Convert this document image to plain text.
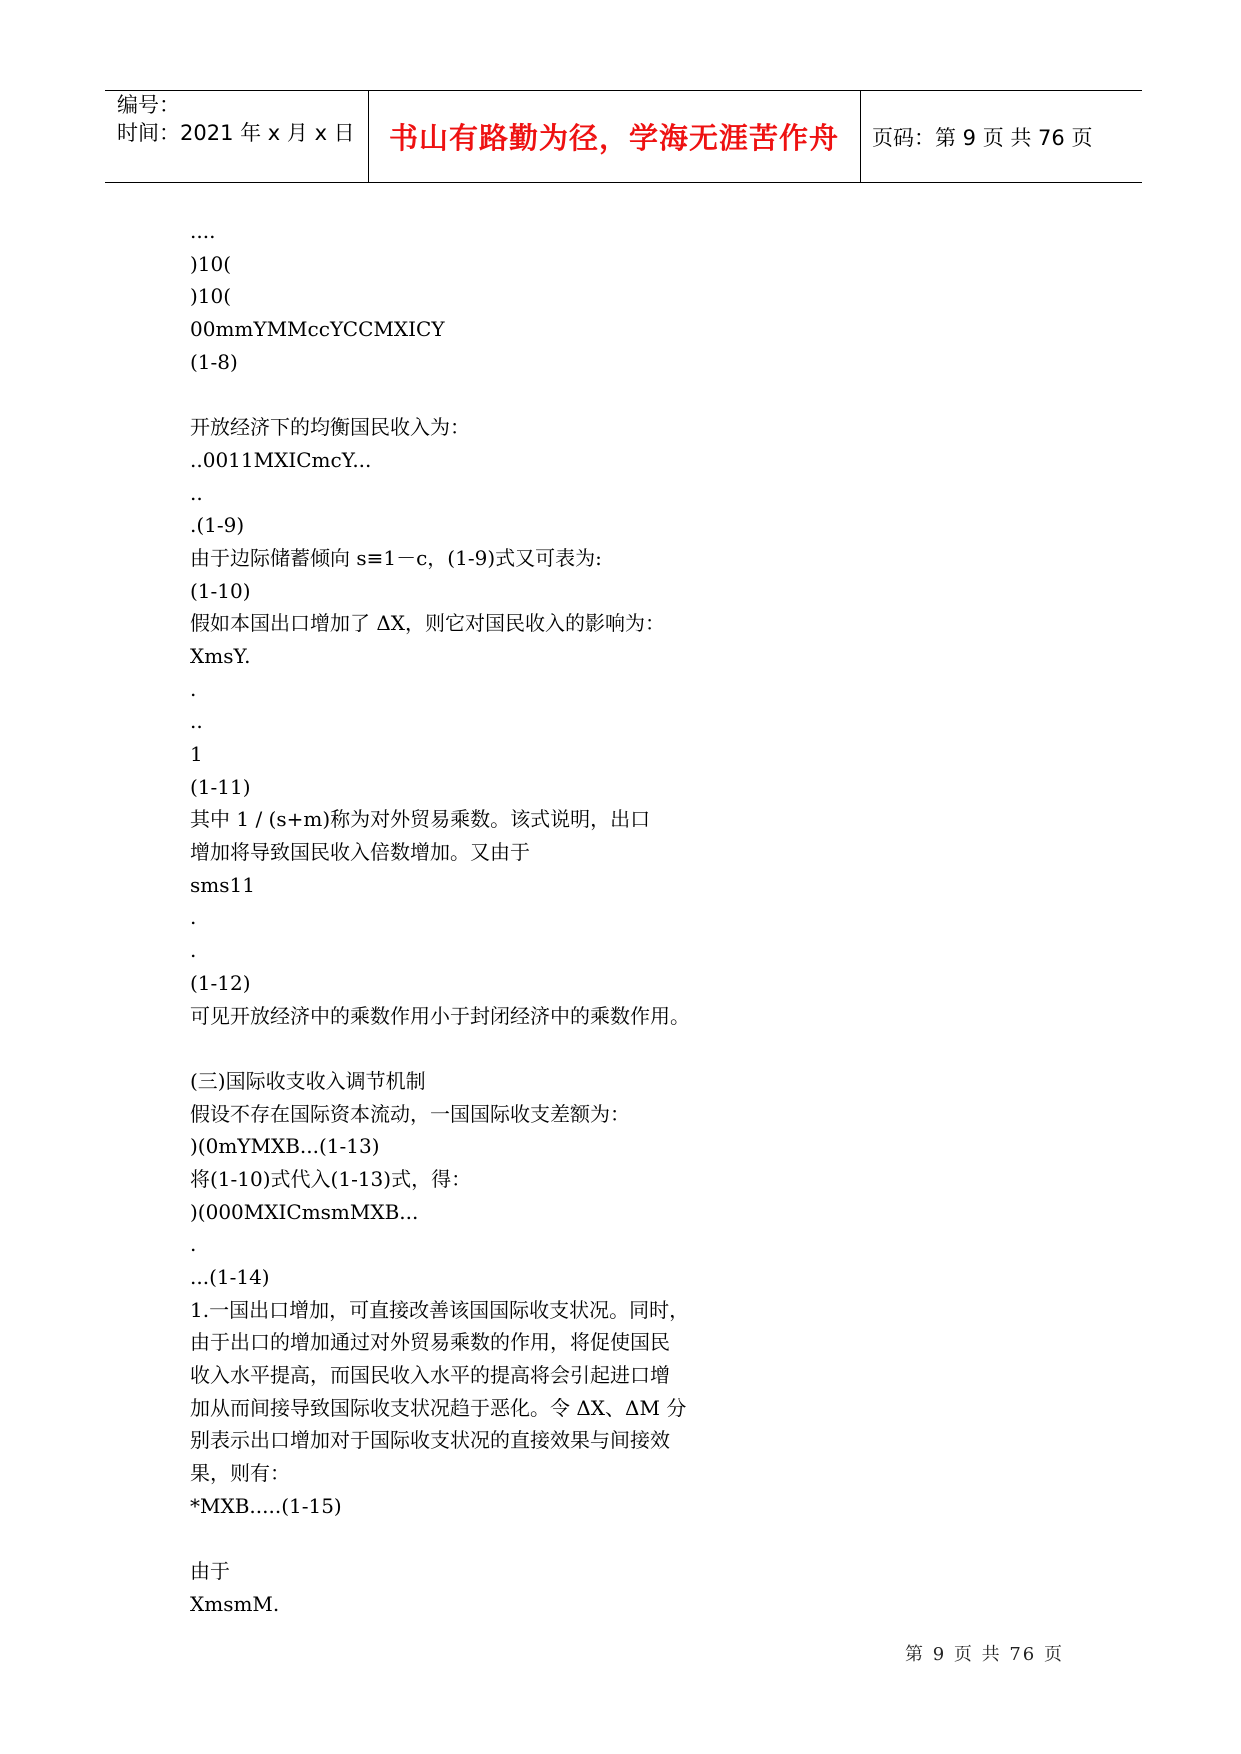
编号：
时间：2021 年 x 月 x 日	书山有路勤为径，学海无涯苦作舟	页码：第 9 页 共 76 页
....
)10(
)10(
00mmYMMccYCCMXICY
(1-8)
开放经济下的均衡国民收入为：
..0011MXICmcY...
..
.(1-9)
由于边际储蓄倾向 s≡1－c，(1-9)式又可表为:
(1-10)
假如本国出口增加了 ΔX，则它对国民收入的影响为：
XmsY.
.
..
1
(1-11)
其中 1 / (s+m)称为对外贸易乘数。该式说明，出口
增加将导致国民收入倍数增加。又由于
sms11
.
.
(1-12)
可见开放经济中的乘数作用小于封闭经济中的乘数作用。
(三)国际收支收入调节机制
假设不存在国际资本流动，一国国际收支差额为：
)(0mYMXB...(1-13)
将(1-10)式代入(1-13)式，得：
)(000MXICmsmMXB...
.
...(1-14)
1.一国出口增加，可直接改善该国国际收支状况。同时，
由于出口的增加通过对外贸易乘数的作用，将促使国民
收入水平提高，而国民收入水平的提高将会引起进口增
加从而间接导致国际收支状况趋于恶化。令 ΔX、ΔM 分
别表示出口增加对于国际收支状况的直接效果与间接效
果，则有：
*MXB.....(1-15)
由于
XmsmM.
第 9 页 共 76 页
